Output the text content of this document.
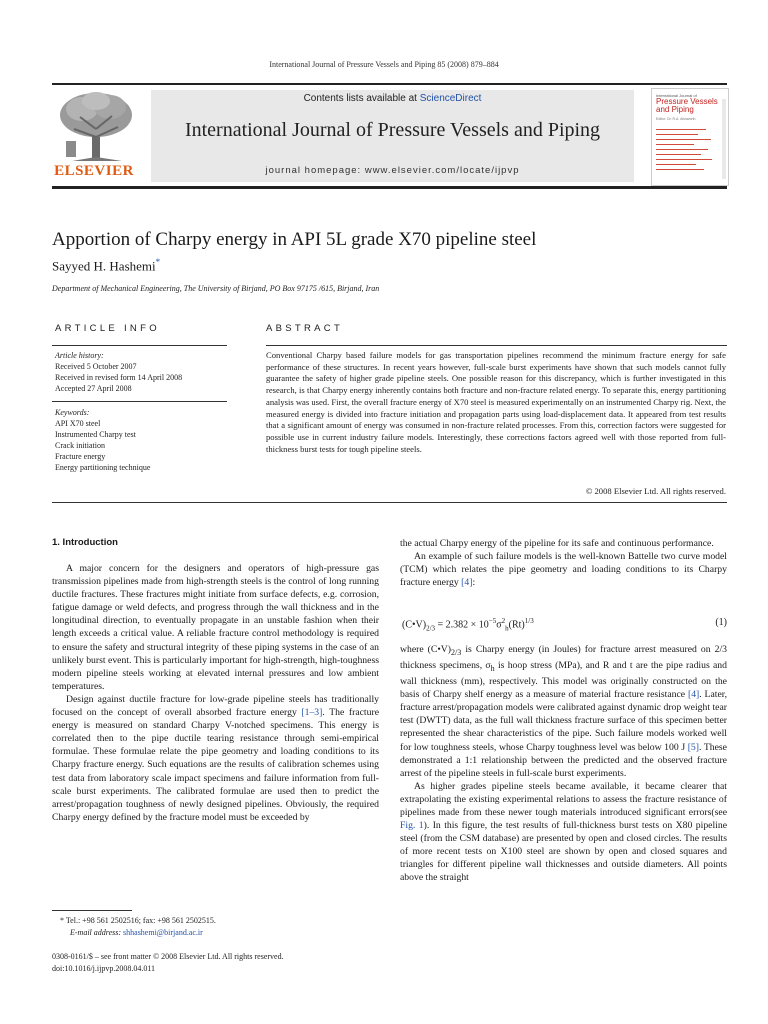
International Journal of Pressure Vessels and Piping 85 (2008) 879–884
ELSEVIER
Contents lists available at ScienceDirect
International Journal of Pressure Vessels and Piping
journal homepage: www.elsevier.com/locate/ijpvp
International Journal of
Pressure Vessels
and Piping
Editor: Dr. R.A. Ainsworth
Apportion of Charpy energy in API 5L grade X70 pipeline steel
Sayyed H. Hashemi*
Department of Mechanical Engineering, The University of Birjand, PO Box 97175 /615, Birjand, Iran
ARTICLE INFO	ABSTRACT
Article history:
Received 5 October 2007
Received in revised form 14 April 2008
Accepted 27 April 2008
Keywords:
API X70 steel
Instrumented Charpy test
Crack initiation
Fracture energy
Energy partitioning technique
Conventional Charpy based failure models for gas transportation pipelines recommend the minimum fracture energy for safe performance of these structures. In recent years however, full-scale burst experiments have shown that such models cannot fully guarantee the safety of higher grade pipeline steels. One possible reason for this discrepancy, which is further investigated in this research, is that Charpy energy inherently contains both fracture and non-fracture related energy. To separate this, energy partitioning analysis was used. First, the overall fracture energy of X70 steel is measured experimentally on an instrumented Charpy rig. Next, the measured energy is divided into fracture initiation and propagation parts using load-displacement data. It appeared from test results that a significant amount of energy was consumed in non-fracture related processes. From this, correction factors were suggested for possible use in current industry failure models. Interestingly, these corrections factors agreed well with those reported from full-thickness burst tests for tough pipeline steels.
© 2008 Elsevier Ltd. All rights reserved.
1. Introduction

A major concern for the designers and operators of high-pressure gas transmission pipelines made from high-strength steels is the control of long running ductile fractures. These fractures might initiate from surface defects, e.g. corrosion, fatigue damage or weld defects, and progress through the wall thickness and in the longitudinal direction, to eventually propagate in an unstable fashion when their length exceeds a critical value. A reliable fracture control methodology is required to ensure the safety and structural integrity of these piping systems in the case of an unlikely burst event. This is particularly important for high-strength, high-toughness modern pipeline steels working at elevated internal pressures and low ambient temperatures.

Design against ductile fracture for low-grade pipeline steels has traditionally focused on the concept of overall absorbed fracture energy [1–3]. The fracture energy is measured on standard Charpy V-notched specimens. This energy is correlated then to the pipe ductile tearing resistance through semi-empirical formulae. These formulae relate the pipe geometry and loading conditions to its Charpy fracture energy. Such equations are the results of calibration schemes using test data from laboratory scale impact specimens and failure information from full-scale burst experiments. The calibrated formulae are used then to predict the arrest/propagation toughness of newly designed pipelines. Obviously, the required Charpy energy defined by the fracture model must be exceeded by

the actual Charpy energy of the pipeline for its safe and continuous performance.

An example of such failure models is the well-known Battelle two curve model (TCM) which relates the pipe geometry and loading conditions to its Charpy fracture energy [4]:

$(C•V)_{2/3} = 2.382 \times 10^{-5}\sigma^2_h(Rt)^{1/3}$	(1)

where $(C•V)_{2/3}$ is Charpy energy (in Joules) for fracture arrest measured on 2/3 thickness specimens, $\sigma_h$ is hoop stress (MPa), and R and t are the pipe radius and wall thickness (mm), respectively. This model was originally constructed on the basis of Charpy shelf energy as a measure of material fracture resistance [4]. Later, fracture arrest/propagation models were calibrated against dynamic drop weight tear test (DWTT) data, as the full wall thickness fracture surface of this specimen better represented the shear characteristics of the pipe. Such failure models worked well for low toughness steels, whose Charpy toughness level was below 100 J [5]. These demonstrated a 1:1 relationship between the predicted and the observed fracture arrest of the pipeline steels in full-scale burst experiments.

As higher grades pipeline steels became available, it became clearer that extrapolating the existing experimental relations to assess the fracture resistance of pipelines made from these newer tough materials introduced significant errors(see Fig. 1). In this figure, the test results of full-thickness burst tests on X80 pipeline steel (from the CSM database) are presented by open and closed circles. The results of more recent tests on X100 steel are shown by open and closed squares and triangles for different pipeline wall thicknesses and outside diameters. All points above the straight

* Tel.: +98 561 2502516; fax: +98 561 2502515.
E-mail address: shhashemi@birjand.ac.ir
0308-0161/$ – see front matter © 2008 Elsevier Ltd. All rights reserved.
doi:10.1016/j.ijpvp.2008.04.011
